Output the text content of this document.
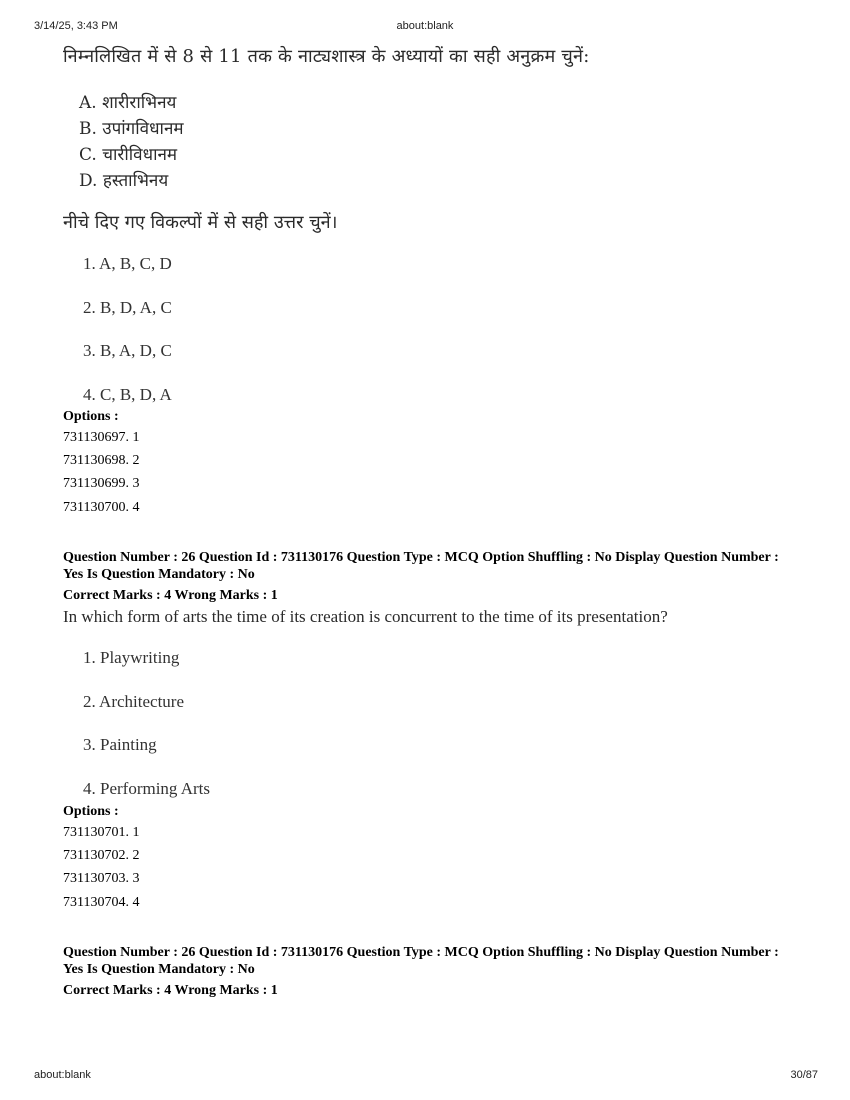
3/14/25, 3:43 PM	about:blank
निम्नलिखित में से 8 से 11 तक के नाट्यशास्त्र के अध्यायों का सही अनुक्रम चुनें:
A. शारीराभिनय
B. उपांगविधानम
C. चारीविधानम
D. हस्ताभिनय
नीचे दिए गए विकल्पों में से सही उत्तर चुनें।
1. A, B, C, D
2. B, D, A, C
3. B, A, D, C
4. C, B, D, A
Options :
731130697. 1
731130698. 2
731130699. 3
731130700. 4
Question Number : 26 Question Id : 731130176 Question Type : MCQ Option Shuffling : No Display Question Number : Yes Is Question Mandatory : No
Correct Marks : 4 Wrong Marks : 1
In which form of arts the time of its creation is concurrent to the time of its presentation?
1. Playwriting
2. Architecture
3. Painting
4. Performing Arts
Options :
731130701. 1
731130702. 2
731130703. 3
731130704. 4
Question Number : 26 Question Id : 731130176 Question Type : MCQ Option Shuffling : No Display Question Number : Yes Is Question Mandatory : No
Correct Marks : 4 Wrong Marks : 1
about:blank	30/87
